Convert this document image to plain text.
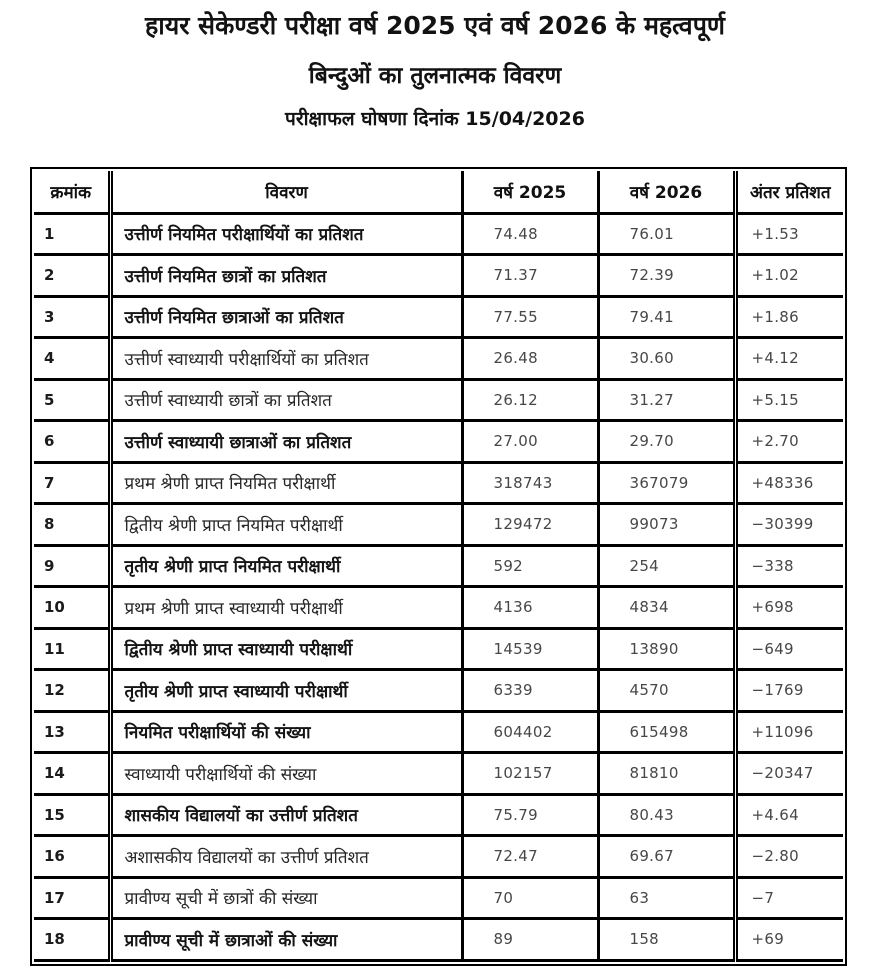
हायर सेकेण्डरी परीक्षा वर्ष 2025 एवं वर्ष 2026 के महत्वपूर्ण
बिन्दुओं का तुलनात्मक विवरण
परीक्षाफल घोषणा दिनांक 15/04/2026
क्रमांक	विवरण	वर्ष 2025	वर्ष 2026	अंतर प्रतिशत
1	उत्तीर्ण नियमित परीक्षार्थियों का प्रतिशत	74.48	76.01	+1.53
2	उत्तीर्ण नियमित छात्रों का प्रतिशत	71.37	72.39	+1.02
3	उत्तीर्ण नियमित छात्राओं का प्रतिशत	77.55	79.41	+1.86
4	उत्तीर्ण स्वाध्यायी परीक्षार्थियों का प्रतिशत	26.48	30.60	+4.12
5	उत्तीर्ण स्वाध्यायी छात्रों का प्रतिशत	26.12	31.27	+5.15
6	उत्तीर्ण स्वाध्यायी छात्राओं का प्रतिशत	27.00	29.70	+2.70
7	प्रथम श्रेणी प्राप्त नियमित परीक्षार्थी	318743	367079	+48336
8	द्वितीय श्रेणी प्राप्त नियमित परीक्षार्थी	129472	99073	−30399
9	तृतीय श्रेणी प्राप्त नियमित परीक्षार्थी	592	254	−338
10	प्रथम श्रेणी प्राप्त स्वाध्यायी परीक्षार्थी	4136	4834	+698
11	द्वितीय श्रेणी प्राप्त स्वाध्यायी परीक्षार्थी	14539	13890	−649
12	तृतीय श्रेणी प्राप्त स्वाध्यायी परीक्षार्थी	6339	4570	−1769
13	नियमित परीक्षार्थियों की संख्या	604402	615498	+11096
14	स्वाध्यायी परीक्षार्थियों की संख्या	102157	81810	−20347
15	शासकीय विद्यालयों का उत्तीर्ण प्रतिशत	75.79	80.43	+4.64
16	अशासकीय विद्यालयों का उत्तीर्ण प्रतिशत	72.47	69.67	−2.80
17	प्रावीण्य सूची में छात्रों की संख्या	70	63	−7
18	प्रावीण्य सूची में छात्राओं की संख्या	89	158	+69
